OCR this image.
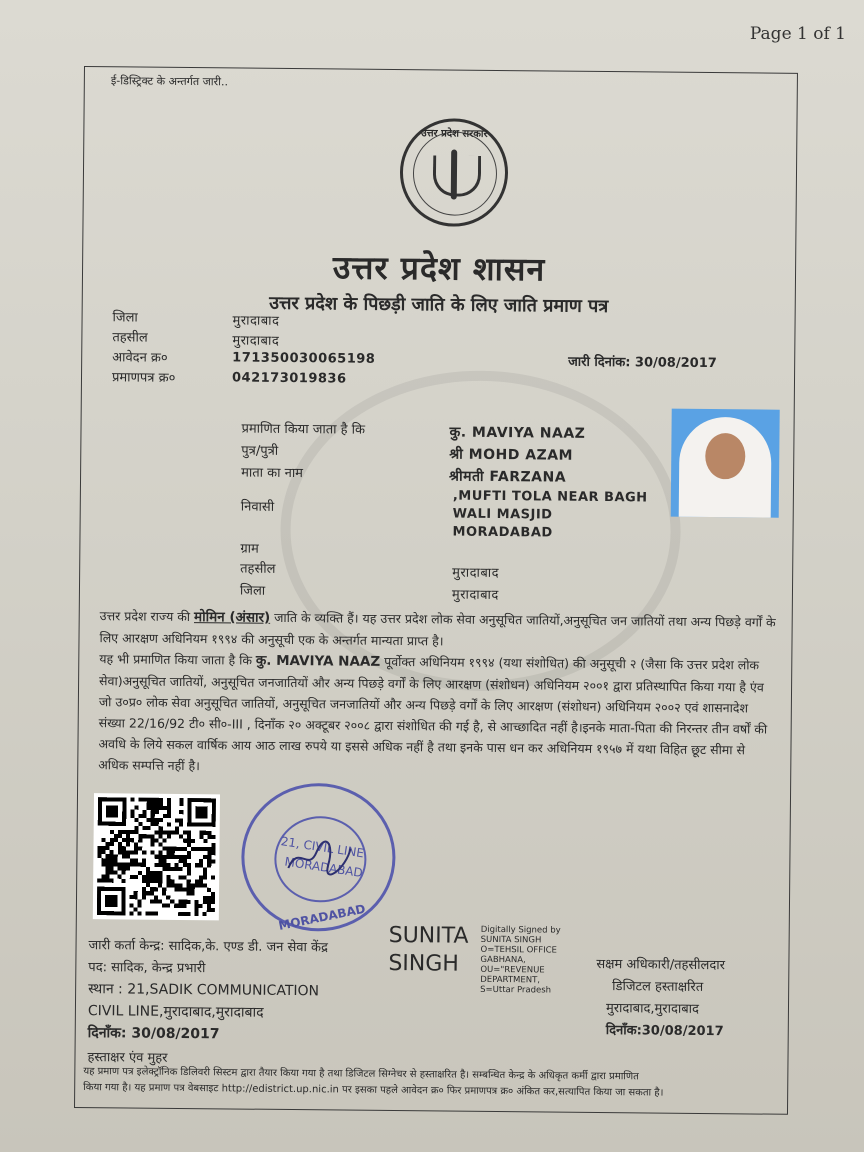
Page 1 of 1
ई-डिस्ट्रिक्ट के अन्तर्गत जारी..
उत्तर प्रदेश सरकार
उत्तर प्रदेश शासन
उत्तर प्रदेश के पिछड़ी जाति के लिए जाति प्रमाण पत्र
जिला	मुरादाबाद
तहसील	मुरादाबाद
आवेदन क्र०	171350030065198
प्रमाणपत्र क्र०	042173019836
जारी दिनांक: 30/08/2017
प्रमाणित किया जाता है कि	कु. MAVIYA NAAZ
पुत्र/पुत्री	श्री MOHD AZAM
माता का नाम	श्रीमती FARZANA
निवासी
,MUFTI TOLA NEAR BAGH
WALI MASJID
MORADABAD
ग्राम
तहसील	मुरादाबाद
जिला	मुरादाबाद
उत्तर प्रदेश राज्य की मोमिन (अंसार) जाति के व्यक्ति हैं। यह उत्तर प्रदेश लोक सेवा अनुसूचित जातियों,अनुसूचित जन जातियों तथा अन्य पिछड़े वर्गों के लिए आरक्षण अधिनियम १९९४ की अनुसूची एक के अन्तर्गत मान्यता प्राप्त है।
यह भी प्रमाणित किया जाता है कि कु. MAVIYA NAAZ पूर्वोक्त अधिनियम १९९४ (यथा संशोधित) की अनुसूची २ (जैसा कि उत्तर प्रदेश लोक सेवा)अनुसूचित जातियों, अनुसूचित जनजातियों और अन्य पिछड़े वर्गों के लिए आरक्षण (संशोधन) अधिनियम २००१ द्वारा प्रतिस्थापित किया गया है एंव जो उ०प्र० लोक सेवा अनुसूचित जातियों, अनुसूचित जनजातियों और अन्य पिछड़े वर्गों के लिए आरक्षण (संशोधन) अधिनियम २००२ एवं शासनादेश संख्या 22/16/92 टी० सी०-III , दिनाँक २० अक्टूबर २००८ द्वारा संशोधित की गई है, से आच्छादित नहीं है।इनके माता-पिता की निरन्तर तीन वर्षों की अवधि के लिये सकल वार्षिक आय आठ लाख रुपये या इससे अधिक नहीं है तथा इनके पास धन कर अधिनियम १९५७ में यथा विहित छूट सीमा से अधिक सम्पत्ति नहीं है।
21, CIVIL LINE
MORADABAD
MORADABAD
SUNITA
SINGH
Digitally Signed by
SUNITA SINGH
O=TEHSIL OFFICE
GABHANA,
OU="REVENUE
DEPARTMENT,
S=Uttar Pradesh
जारी कर्ता केन्द्र: सादिक,के. एण्ड डी. जन सेवा केंद्र
पद: सादिक, केन्द्र प्रभारी
स्थान : 21,SADIK COMMUNICATION
CIVIL LINE,मुरादाबाद,मुरादाबाद
दिनाँक: 30/08/2017
हस्ताक्षर एंव मुहर
सक्षम अधिकारी/तहसीलदार
डिजिटल हस्ताक्षरित
मुरादाबाद,मुरादाबाद
दिनाँक:30/08/2017
यह प्रमाण पत्र इलेक्ट्रॉनिक डिलिवरी सिस्टम द्वारा तैयार किया गया है तथा डिजिटल सिग्नेचर से हस्ताक्षरित है। सम्बन्धित केन्द्र के अधिकृत कर्मी द्वारा प्रमाणित
किया गया है। यह प्रमाण पत्र वेबसाइट http://edistrict.up.nic.in पर इसका पहले आवेदन क्र० फिर प्रमाणपत्र क्र० अंकित कर,सत्यापित किया जा सकता है।
